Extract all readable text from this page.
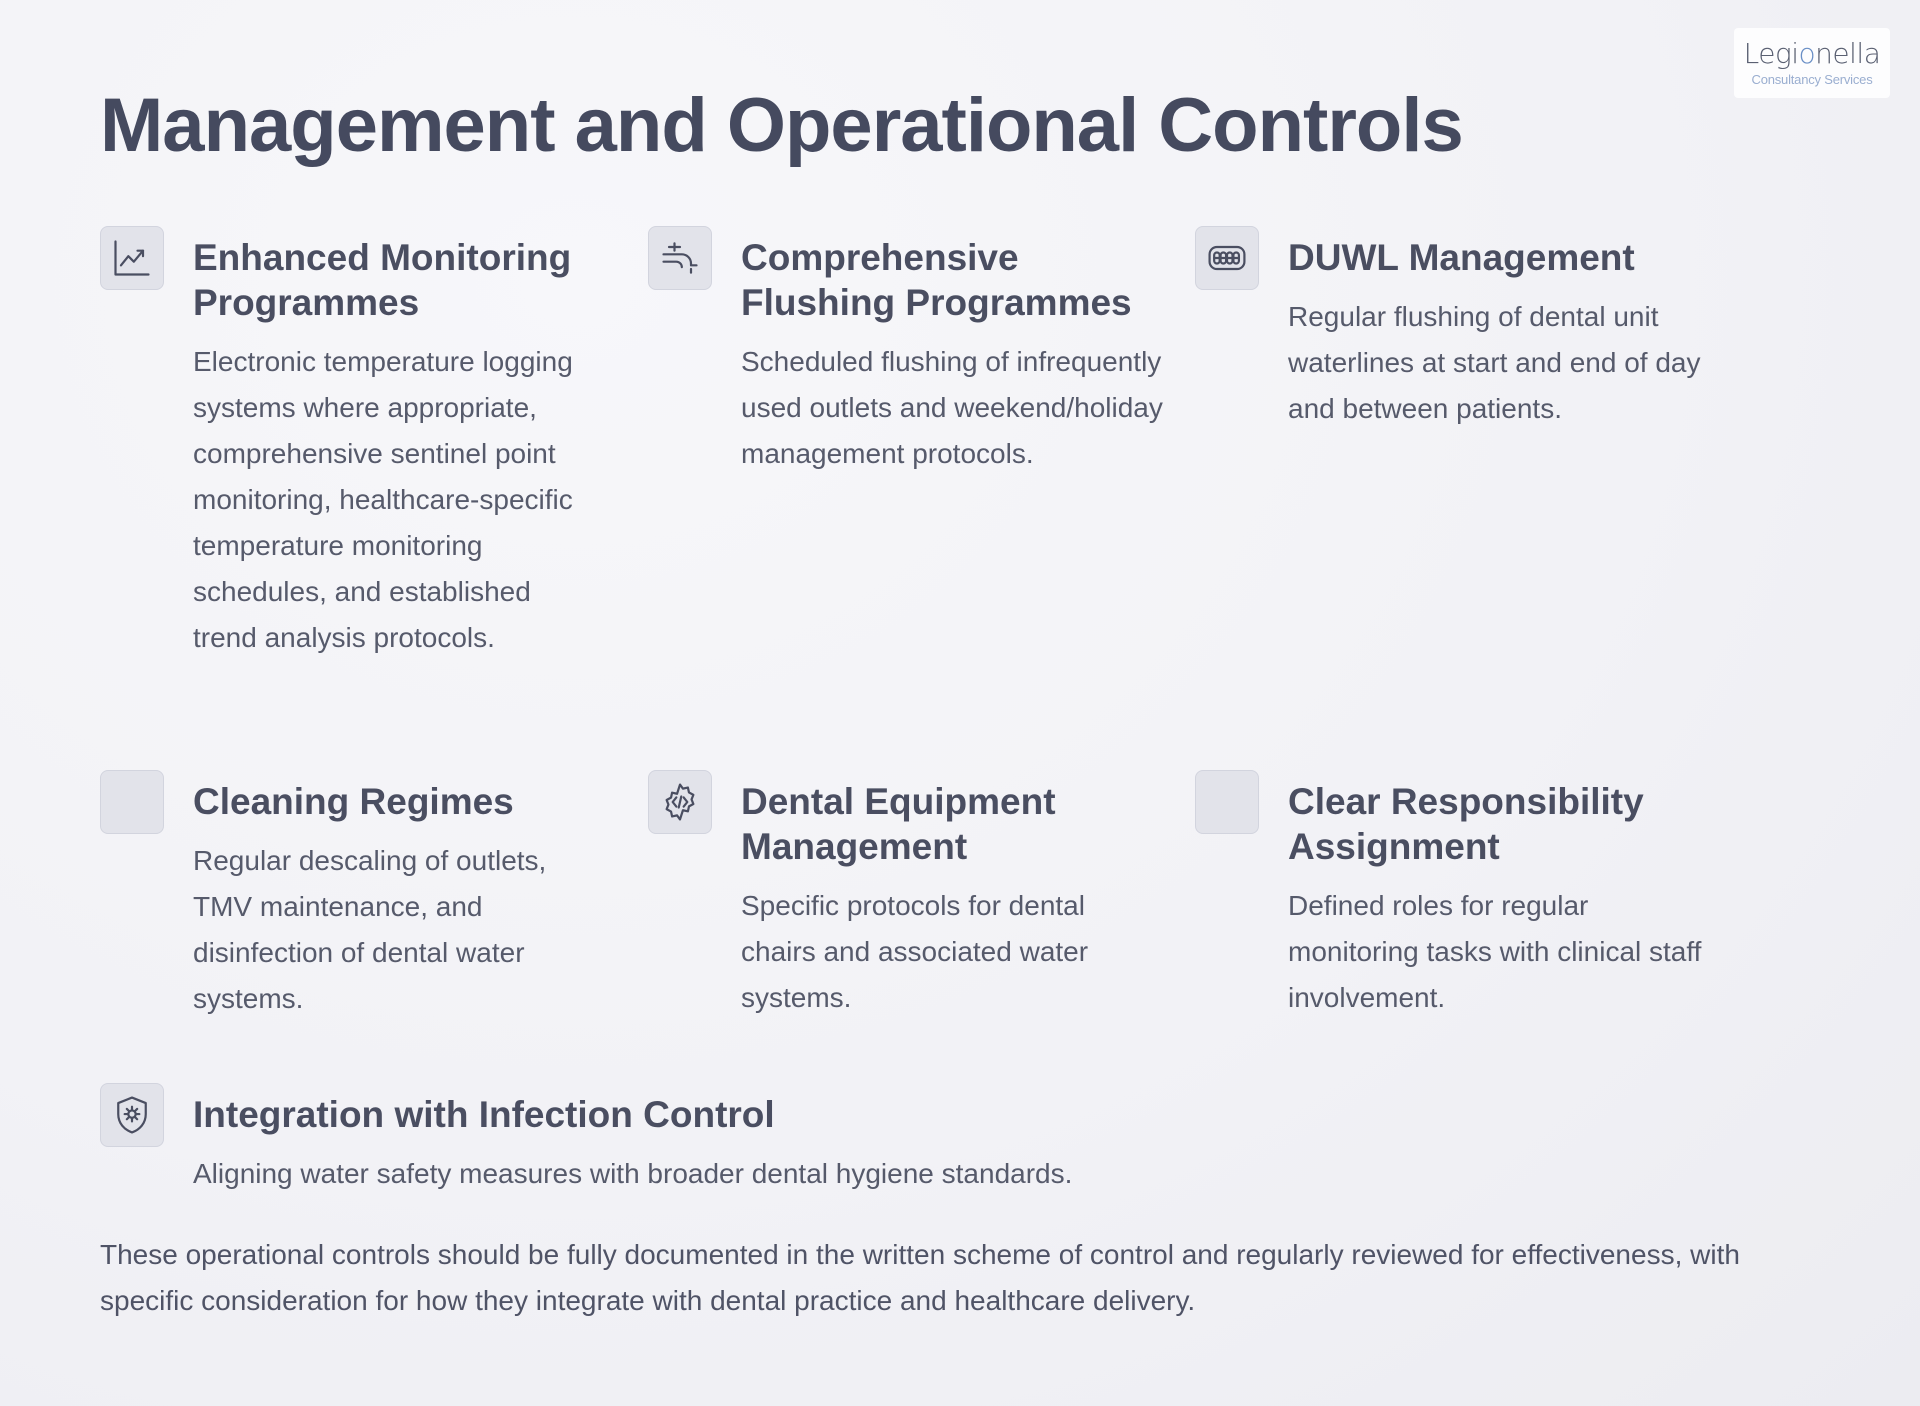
Management and Operational Controls
Legionella
Consultancy Services
Enhanced Monitoring Programmes
Electronic temperature logging systems where appropriate, comprehensive sentinel point monitoring, healthcare-specific temperature monitoring schedules, and established trend analysis protocols.
Comprehensive Flushing Programmes
Scheduled flushing of infrequently used outlets and weekend/holiday management protocols.
DUWL Management
Regular flushing of dental unit waterlines at start and end of day and between patients.
Cleaning Regimes
Regular descaling of outlets, TMV maintenance, and disinfection of dental water systems.
Dental Equipment Management
Specific protocols for dental chairs and associated water systems.
Clear Responsibility Assignment
Defined roles for regular monitoring tasks with clinical staff involvement.
Integration with Infection Control
Aligning water safety measures with broader dental hygiene standards.

These operational controls should be fully documented in the written scheme of control and regularly reviewed for effectiveness, with specific consideration for how they integrate with dental practice and healthcare delivery.
